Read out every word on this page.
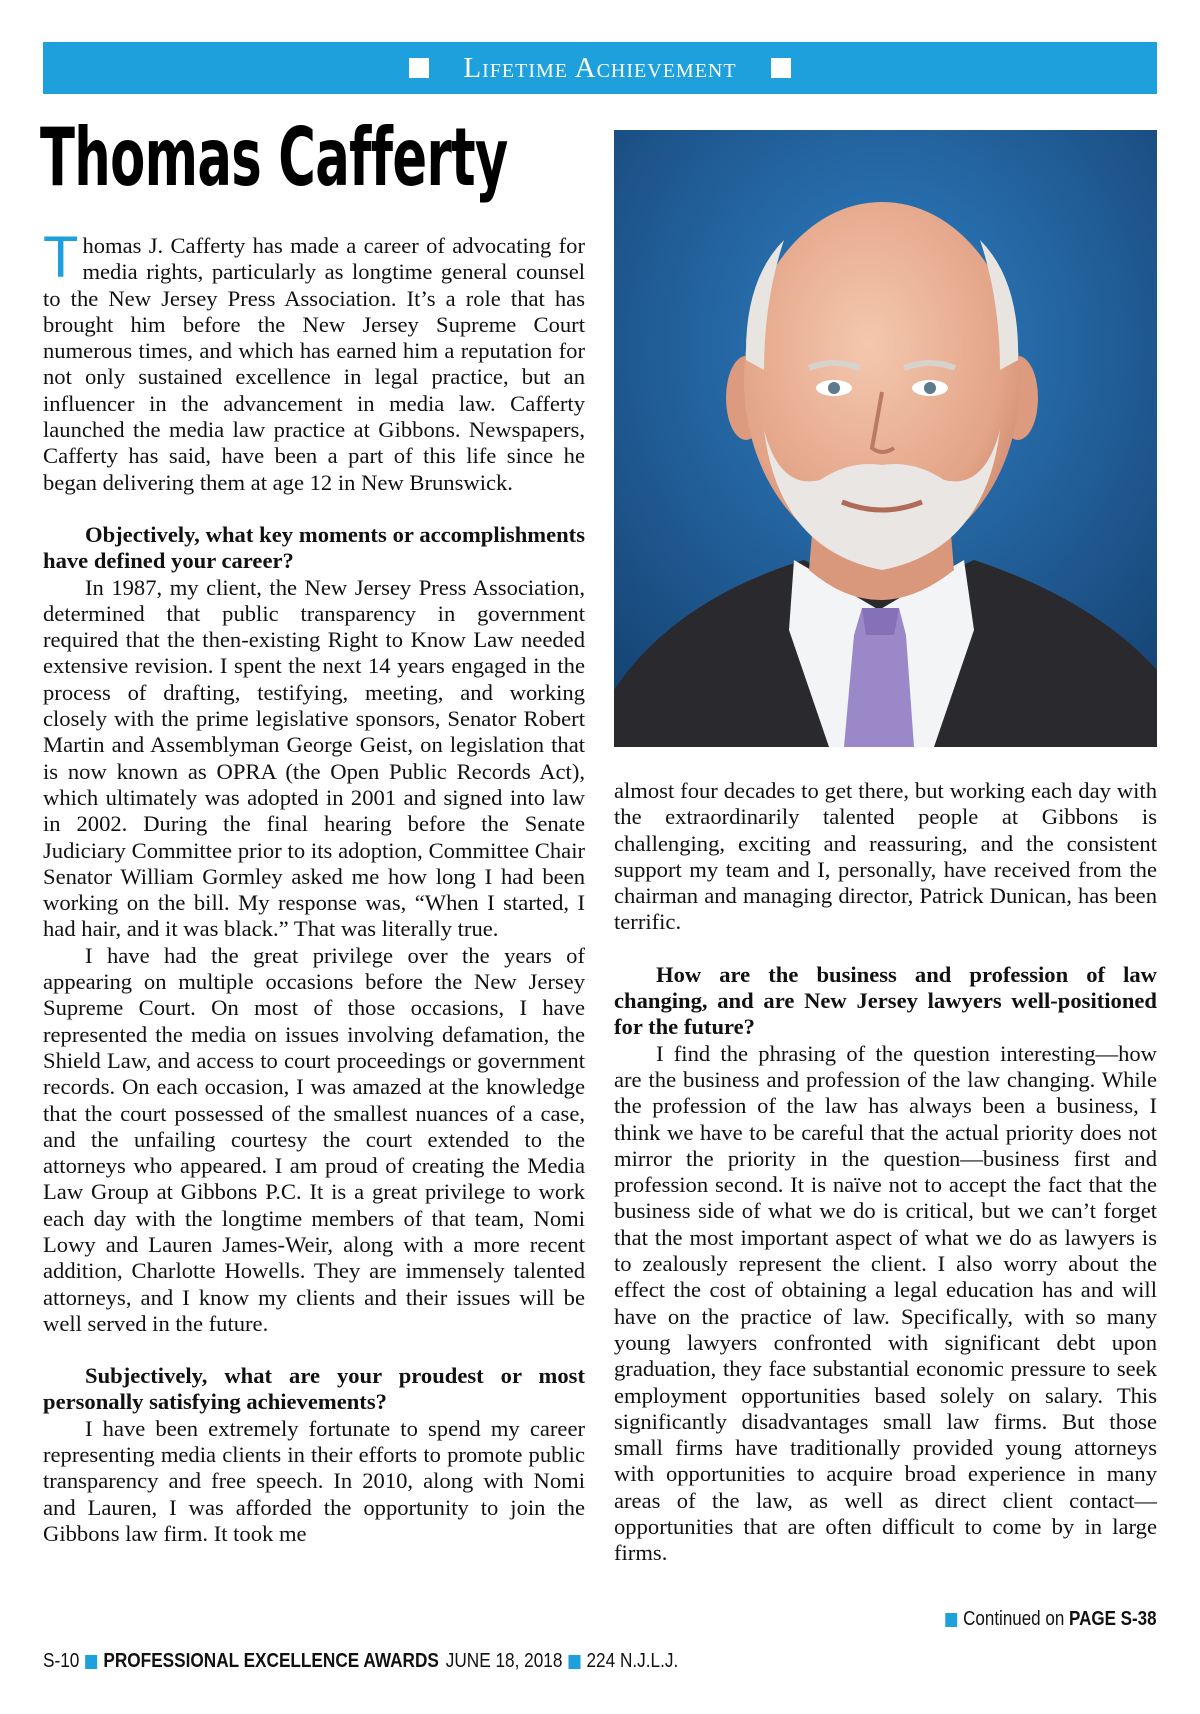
Lifetime Achievement
Thomas Cafferty

Thomas J. Cafferty has made a career of advocating for media rights, particularly as longtime general counsel to the New Jersey Press Association. It’s a role that has brought him before the New Jersey Supreme Court numerous times, and which has earned him a reputation for not only sustained excellence in legal practice, but an influencer in the advancement in media law. Cafferty launched the media law practice at Gibbons. Newspapers, Cafferty has said, have been a part of this life since he began delivering them at age 12 in New Brunswick.

Objectively, what key moments or accomplishments have defined your career?

In 1987, my client, the New Jersey Press Association, determined that public transparency in government required that the then-existing Right to Know Law needed extensive revision. I spent the next 14 years engaged in the process of drafting, testifying, meeting, and working closely with the prime legislative sponsors, Senator Robert Martin and Assemblyman George Geist, on legislation that is now known as OPRA (the Open Public Records Act), which ultimately was adopted in 2001 and signed into law in 2002. During the final hearing before the Senate Judiciary Committee prior to its adoption, Committee Chair Senator William Gormley asked me how long I had been working on the bill. My response was, “When I started, I had hair, and it was black.” That was literally true.

I have had the great privilege over the years of appearing on multiple occasions before the New Jersey Supreme Court. On most of those occasions, I have represented the media on issues involving defamation, the Shield Law, and access to court proceedings or government records. On each occasion, I was amazed at the knowledge that the court possessed of the smallest nuances of a case, and the unfailing courtesy the court extended to the attorneys who appeared. I am proud of creating the Media Law Group at Gibbons P.C. It is a great privilege to work each day with the longtime members of that team, Nomi Lowy and Lauren James-Weir, along with a more recent addition, Charlotte Howells. They are immensely talented attorneys, and I know my clients and their issues will be well served in the future.

Subjectively, what are your proudest or most personally satisfying achievements?

I have been extremely fortunate to spend my career representing media clients in their efforts to promote public transparency and free speech. In 2010, along with Nomi and Lauren, I was afforded the opportunity to join the Gibbons law firm. It took me

almost four decades to get there, but working each day with the extraordinarily talented people at Gibbons is challenging, exciting and reassuring, and the consistent support my team and I, personally, have received from the chairman and managing director, Patrick Dunican, has been terrific.

How are the business and profession of law changing, and are New Jersey lawyers well-positioned for the future?

I find the phrasing of the question interesting—how are the business and profession of the law changing. While the profession of the law has always been a business, I think we have to be careful that the actual priority does not mirror the priority in the question—business first and profession second. It is naïve not to accept the fact that the business side of what we do is critical, but we can’t forget that the most important aspect of what we do as lawyers is to zealously represent the client. I also worry about the effect the cost of obtaining a legal education has and will have on the practice of law. Specifically, with so many young lawyers confronted with significant debt upon graduation, they face substantial economic pressure to seek employment opportunities based solely on salary. This significantly disadvantages small law firms. But those small firms have traditionally provided young attorneys with opportunities to acquire broad experience in many areas of the law, as well as direct client contact—opportunities that are often difficult to come by in large firms.

Continued on
PAGE S-38
S-10 PROFESSIONAL EXCELLENCE AWARDS JUNE 18, 2018 224 N.J.L.J.
